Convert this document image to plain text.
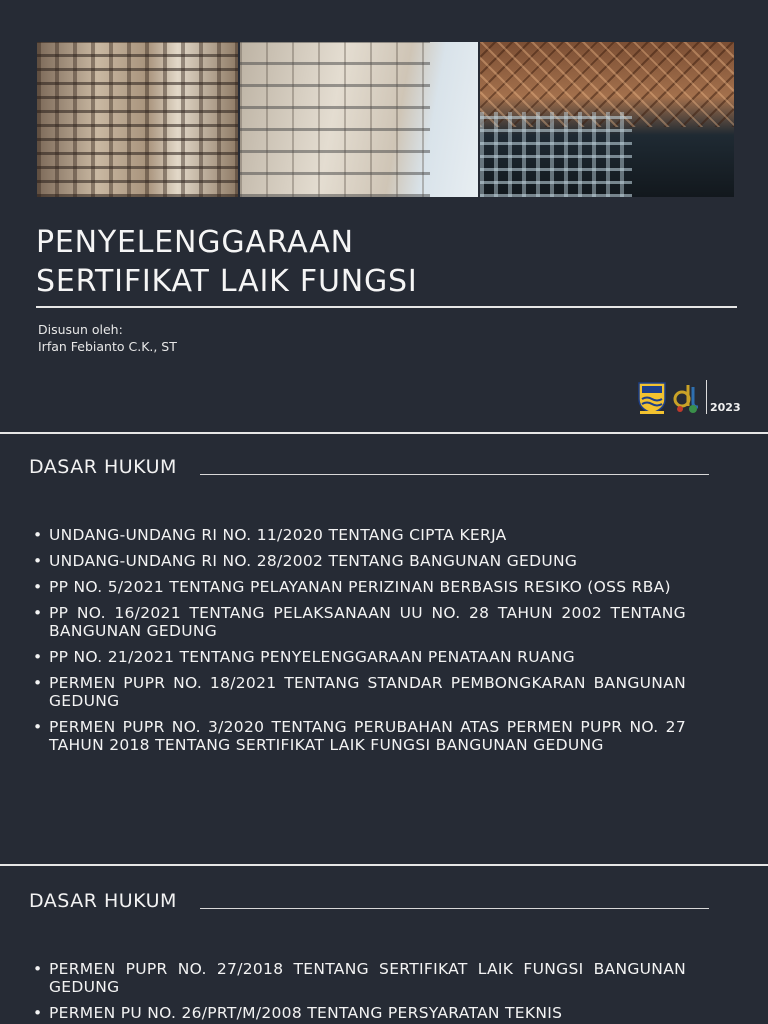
PENYELENGGARAAN
SERTIFIKAT LAIK FUNGSI
Disusun oleh:
Irfan Febianto C.K., ST
2023
DASAR HUKUM
• UNDANG-UNDANG RI NO. 11/2020 TENTANG CIPTA KERJA
• UNDANG-UNDANG RI NO. 28/2002 TENTANG BANGUNAN GEDUNG
• PP NO. 5/2021 TENTANG PELAYANAN PERIZINAN BERBASIS RESIKO (OSS RBA)
• PP NO. 16/2021 TENTANG PELAKSANAAN UU NO. 28 TAHUN 2002 TENTANG BANGUNAN GEDUNG
• PP NO. 21/2021 TENTANG PENYELENGGARAAN PENATAAN RUANG
• PERMEN PUPR NO. 18/2021 TENTANG STANDAR PEMBONGKARAN BANGUNAN GEDUNG
• PERMEN PUPR NO. 3/2020 TENTANG PERUBAHAN ATAS PERMEN PUPR NO. 27 TAHUN 2018 TENTANG SERTIFIKAT LAIK FUNGSI BANGUNAN GEDUNG
DASAR HUKUM
• PERMEN PUPR NO. 27/2018 TENTANG SERTIFIKAT LAIK FUNGSI BANGUNAN GEDUNG
• PERMEN PU NO. 26/PRT/M/2008 TENTANG PERSYARATAN TEKNIS
